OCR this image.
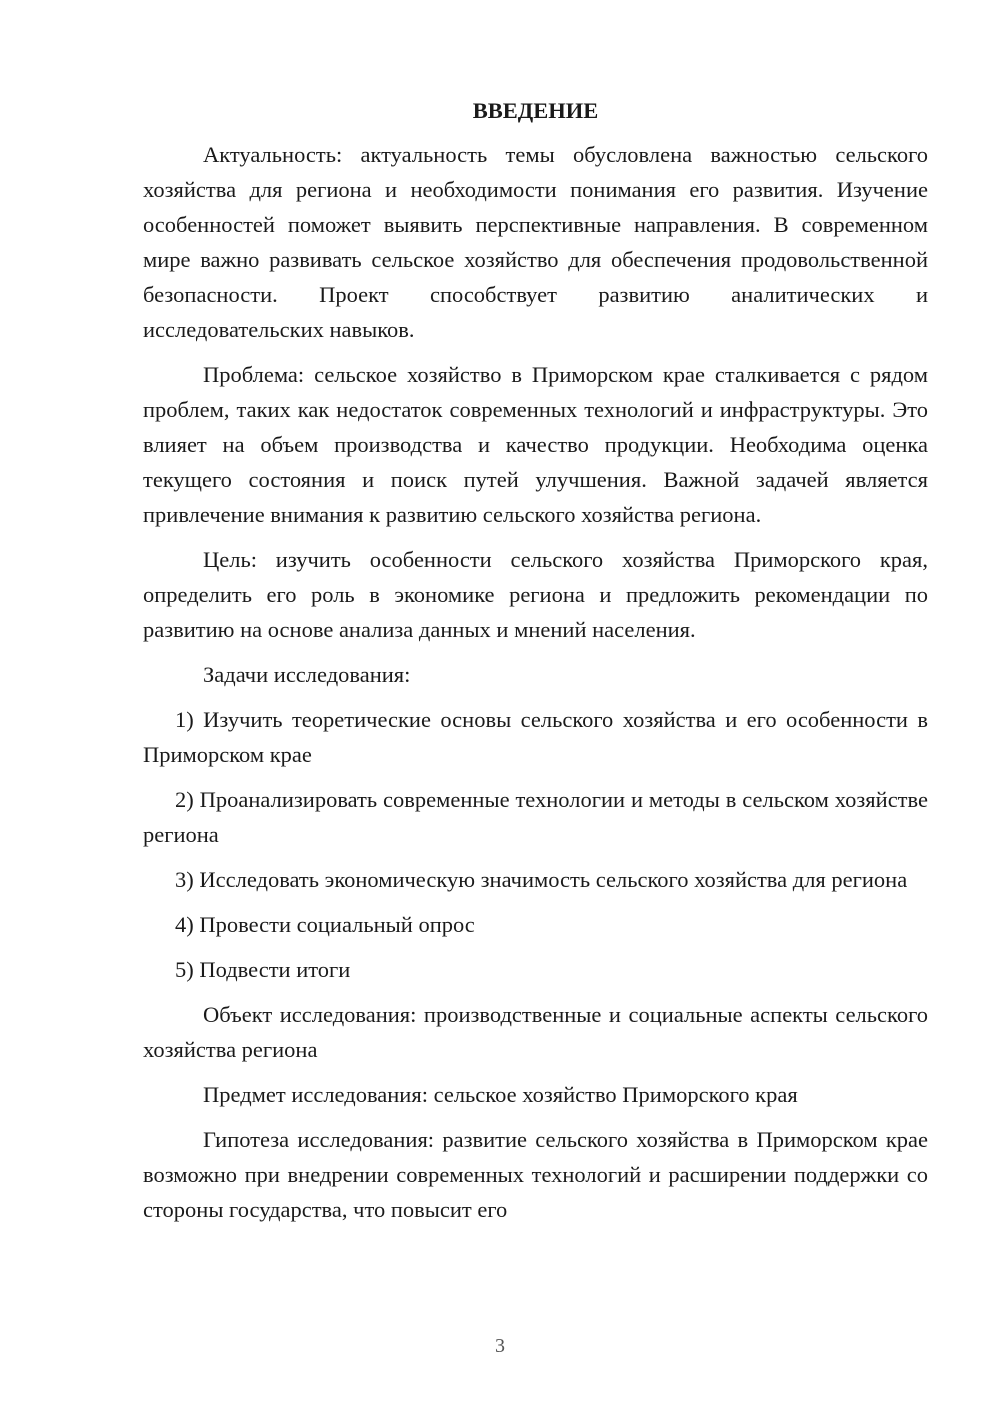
ВВЕДЕНИЕ

Актуальность: актуальность темы обусловлена важностью сельского хозяйства для региона и необходимости понимания его развития. Изучение особенностей поможет выявить перспективные направления. В современном мире важно развивать сельское хозяйство для обеспечения продовольственной безопасности. Проект способствует развитию аналитических и исследовательских навыков.

Проблема: сельское хозяйство в Приморском крае сталкивается с рядом проблем, таких как недостаток современных технологий и инфраструктуры. Это влияет на объем производства и качество продукции. Необходима оценка текущего состояния и поиск путей улучшения. Важной задачей является привлечение внимания к развитию сельского хозяйства региона.

Цель: изучить особенности сельского хозяйства Приморского края, определить его роль в экономике региона и предложить рекомендации по развитию на основе анализа данных и мнений населения.

Задачи исследования:

1) Изучить теоретические основы сельского хозяйства и его особенности в Приморском крае

2) Проанализировать современные технологии и методы в сельском хозяйстве региона

3) Исследовать экономическую значимость сельского хозяйства для региона

4) Провести социальный опрос

5) Подвести итоги

Объект исследования: производственные и социальные аспекты сельского хозяйства региона

Предмет исследования: сельское хозяйство Приморского края

Гипотеза исследования: развитие сельского хозяйства в Приморском крае возможно при внедрении современных технологий и расширении поддержки со стороны государства, что повысит его

3
